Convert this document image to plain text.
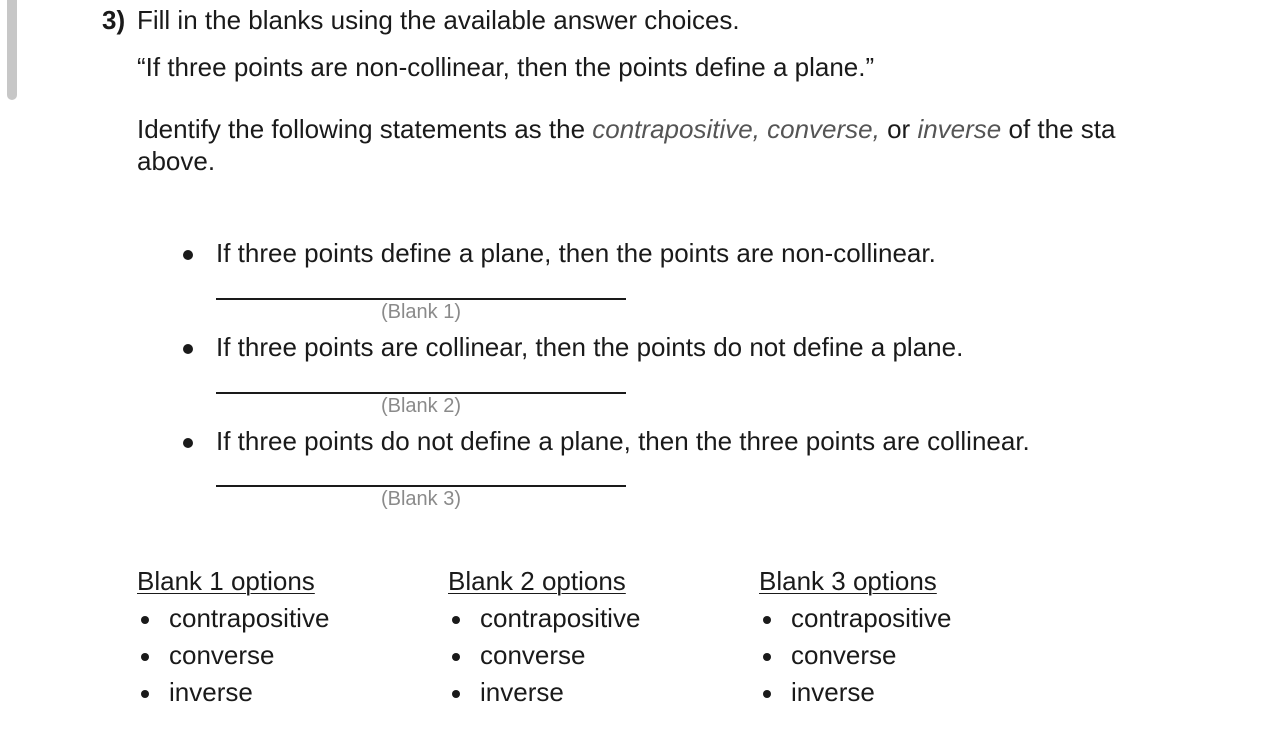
3) Fill in the blanks using the available answer choices.
“If three points are non-collinear, then the points define a plane.”
Identify the following statements as the contrapositive, converse, or inverse of the sta
above.
If three points define a plane, then the points are non-collinear.
(Blank 1)
If three points are collinear, then the points do not define a plane.
(Blank 2)
If three points do not define a plane, then the three points are collinear.
(Blank 3)
Blank 1 options
contrapositive
converse
inverse
Blank 2 options
contrapositive
converse
inverse
Blank 3 options
contrapositive
converse
inverse
